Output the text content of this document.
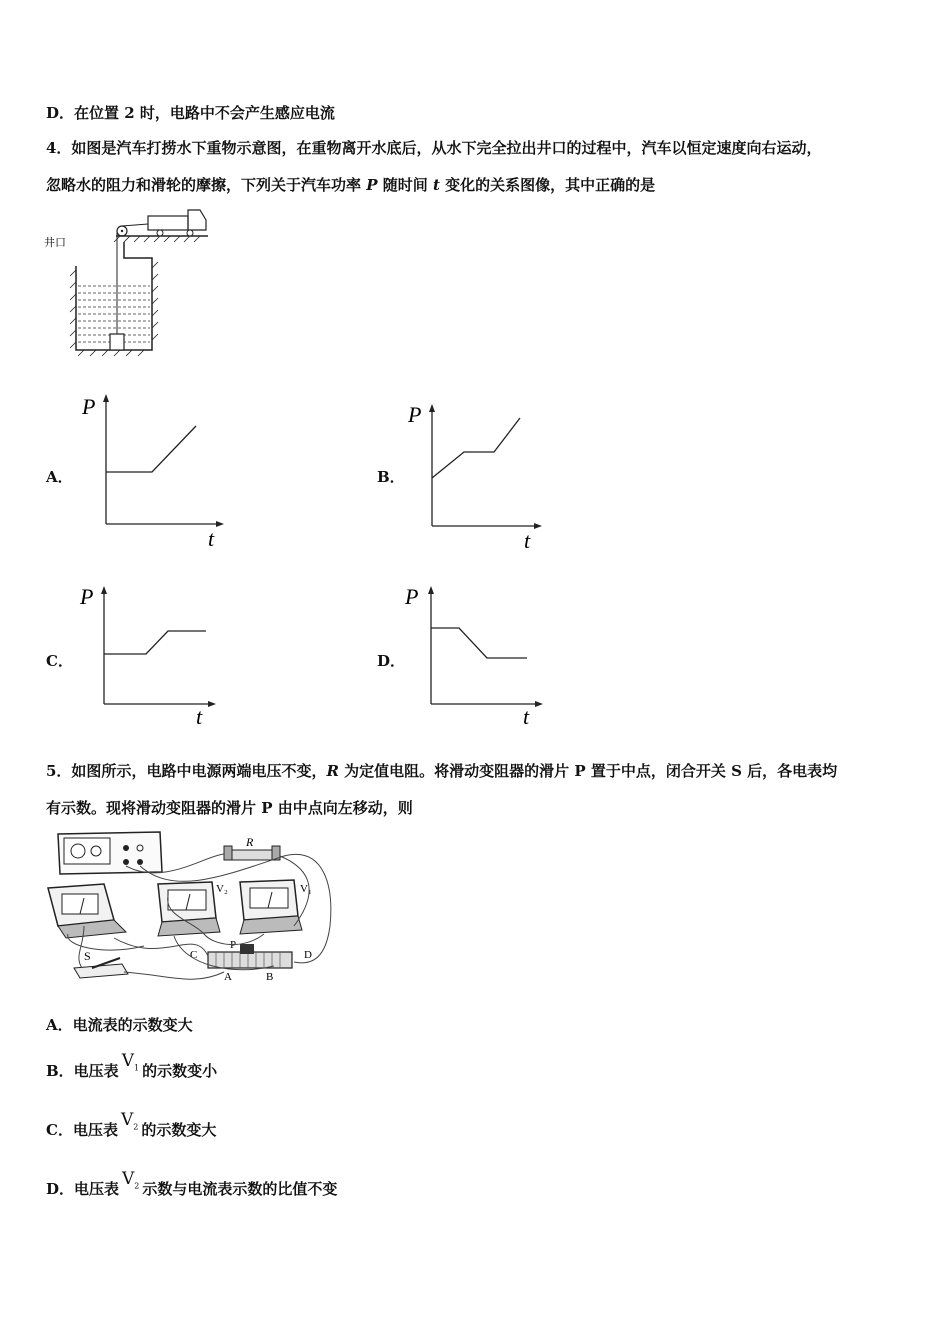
D．在位置 2 时，电路中不会产生感应电流
4．如图是汽车打捞水下重物示意图，在重物离开水底后，从水下完全拉出井口的过程中，汽车以恒定速度向右运动，
忽略水的阻力和滑轮的摩擦，下列关于汽车功率 P 随时间 t 变化的关系图像，其中正确的是
井口
A．
P
t
B．
P
t
C．
P
t
D．
P
t
5．如图所示，电路中电源两端电压不变，R 为定值电阻。将滑动变阻器的滑片 P 置于中点，闭合开关 S 后，各电表均
有示数。现将滑动变阻器的滑片 P 由中点向左移动，则
R
V₂	V₁
S	C
P
D
A	B
A．电流表的示数变大
B．电压表 $V_1$ 的示数变小
C．电压表 $V_2$ 的示数变大
D．电压表 $V_2$ 示数与电流表示数的比值不变
